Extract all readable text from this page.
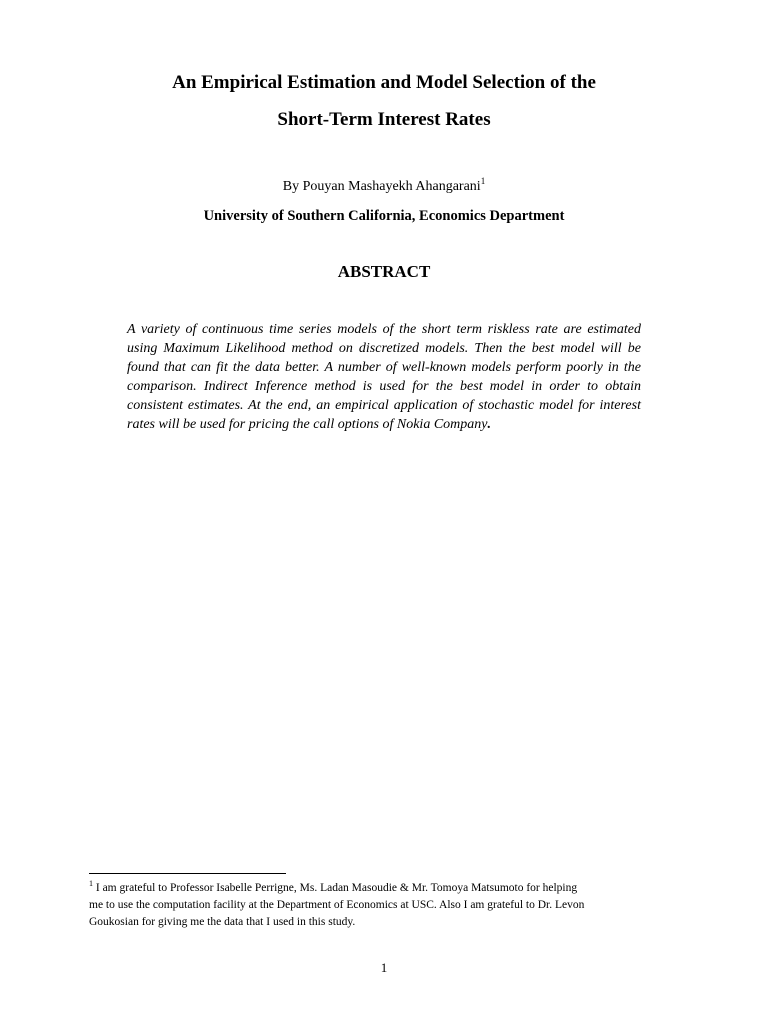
An Empirical Estimation and Model Selection of the
Short-Term Interest Rates

By Pouyan Mashayekh Ahangarani$^1$

University of Southern California, Economics Department

ABSTRACT

A variety of continuous time series models of the short term riskless rate are estimated using Maximum Likelihood method on discretized models. Then the best model will be found that can fit the data better. A number of well-known models perform poorly in the comparison. Indirect Inference method is used for the best model in order to obtain consistent estimates. At the end, an empirical application of stochastic model for interest rates will be used for pricing the call options of Nokia Company.

$^1$ I am grateful to Professor Isabelle Perrigne, Ms. Ladan Masoudie & Mr. Tomoya Matsumoto for helping
me to use the computation facility at the Department of Economics at USC. Also I am grateful to Dr. Levon
Goukosian for giving me the data that I used in this study.

1
